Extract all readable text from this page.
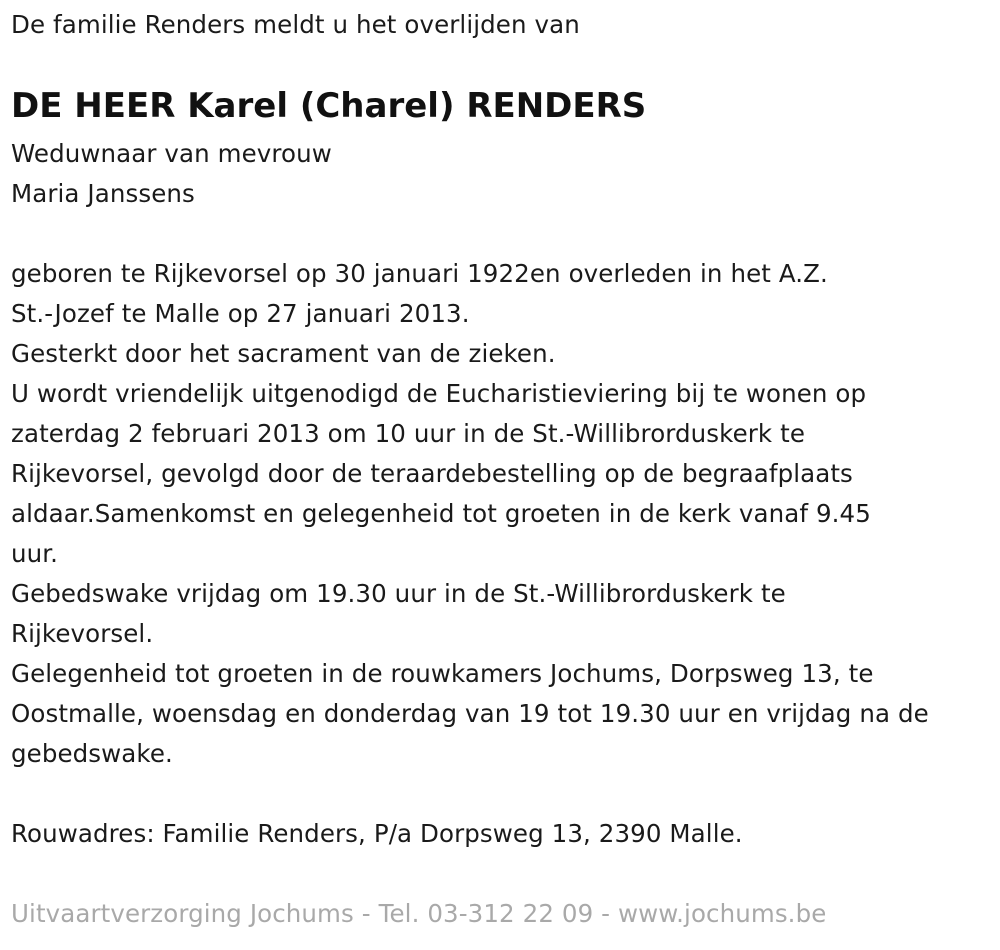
De familie Renders meldt u het overlijden van
DE HEER Karel (Charel) RENDERS
Weduwnaar van mevrouw
Maria Janssens
geboren te Rijkevorsel op 30 januari 1922en overleden in het A.Z.
St.-Jozef te Malle op 27 januari 2013.
Gesterkt door het sacrament van de zieken.
U wordt vriendelijk uitgenodigd de Eucharistieviering bij te wonen op
zaterdag 2 februari 2013 om 10 uur in de St.-Willibrorduskerk te
Rijkevorsel, gevolgd door de teraardebestelling op de begraafplaats
aldaar.Samenkomst en gelegenheid tot groeten in de kerk vanaf 9.45
uur.
Gebedswake vrijdag om 19.30 uur in de St.-Willibrorduskerk te
Rijkevorsel.
Gelegenheid tot groeten in de rouwkamers Jochums, Dorpsweg 13, te
Oostmalle, woensdag en donderdag van 19 tot 19.30 uur en vrijdag na de
gebedswake.
Rouwadres: Familie Renders, P/a Dorpsweg 13, 2390 Malle.
Uitvaartverzorging Jochums - Tel. 03-312 22 09 - www.jochums.be
